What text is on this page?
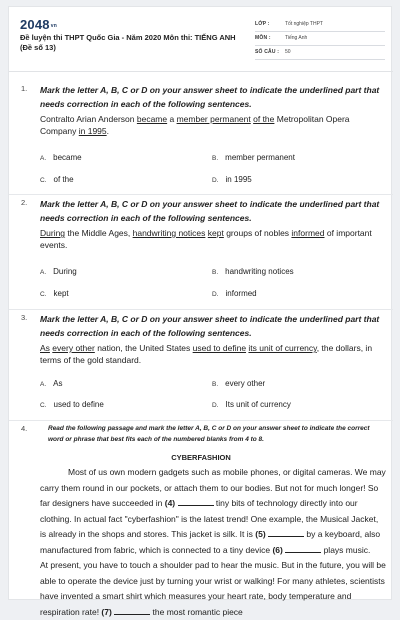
2048vn
Đề luyện thi THPT Quốc Gia - Năm 2020 Môn thi: TIẾNG ANH (Đề số 13)
LỚP :	Tốt nghiệp THPT
MÔN :	Tiếng Anh
SỐ CÂU : 50
1. Mark the letter A, B, C or D on your answer sheet to indicate the underlined part that needs correction in each of the following sentences.
Contralto Arian Anderson became a member permanent of the Metropolitan Opera Company in 1995.
A. became	B. member permanent
C. of the	D. in 1995
2. Mark the letter A, B, C or D on your answer sheet to indicate the underlined part that needs correction in each of the following sentences.
During the Middle Ages, handwriting notices kept groups of nobles informed of important events.
A. During	B. handwriting notices
C. kept	D. informed
3. Mark the letter A, B, C or D on your answer sheet to indicate the underlined part that needs correction in each of the following sentences.
As every other nation, the United States used to define its unit of currency, the dollars, in terms of the gold standard.
A. As	B. every other
C. used to define	D. Its unit of currency
4.	Read the following passage and mark the letter A, B, C or D on your answer sheet to indicate the correct word or phrase that best fits each of the numbered blanks from 4 to 8.
CYBERFASHION
Most of us own modern gadgets such as mobile phones, or digital cameras. We may carry them round in our pockets, or attach them to our bodies. But not for much longer! So far designers have succeeded in (4)	tiny bits of technology directly into our clothing. In actual fact "cyberfashion" is the latest trend! One example, the Musical Jacket, is already in the shops and stores. This jacket is silk. It is (5)	by a keyboard, also manufactured from fabric, which is connected to a tiny device (6)	plays music.
At present, you have to touch a shoulder pad to hear the music. But in the future, you will be able to operate the device just by turning your wrist or walking! For many athletes, scientists have invented a smart shirt which measures your heart rate, body temperature and respiration rate! (7)	the most romantic piece
